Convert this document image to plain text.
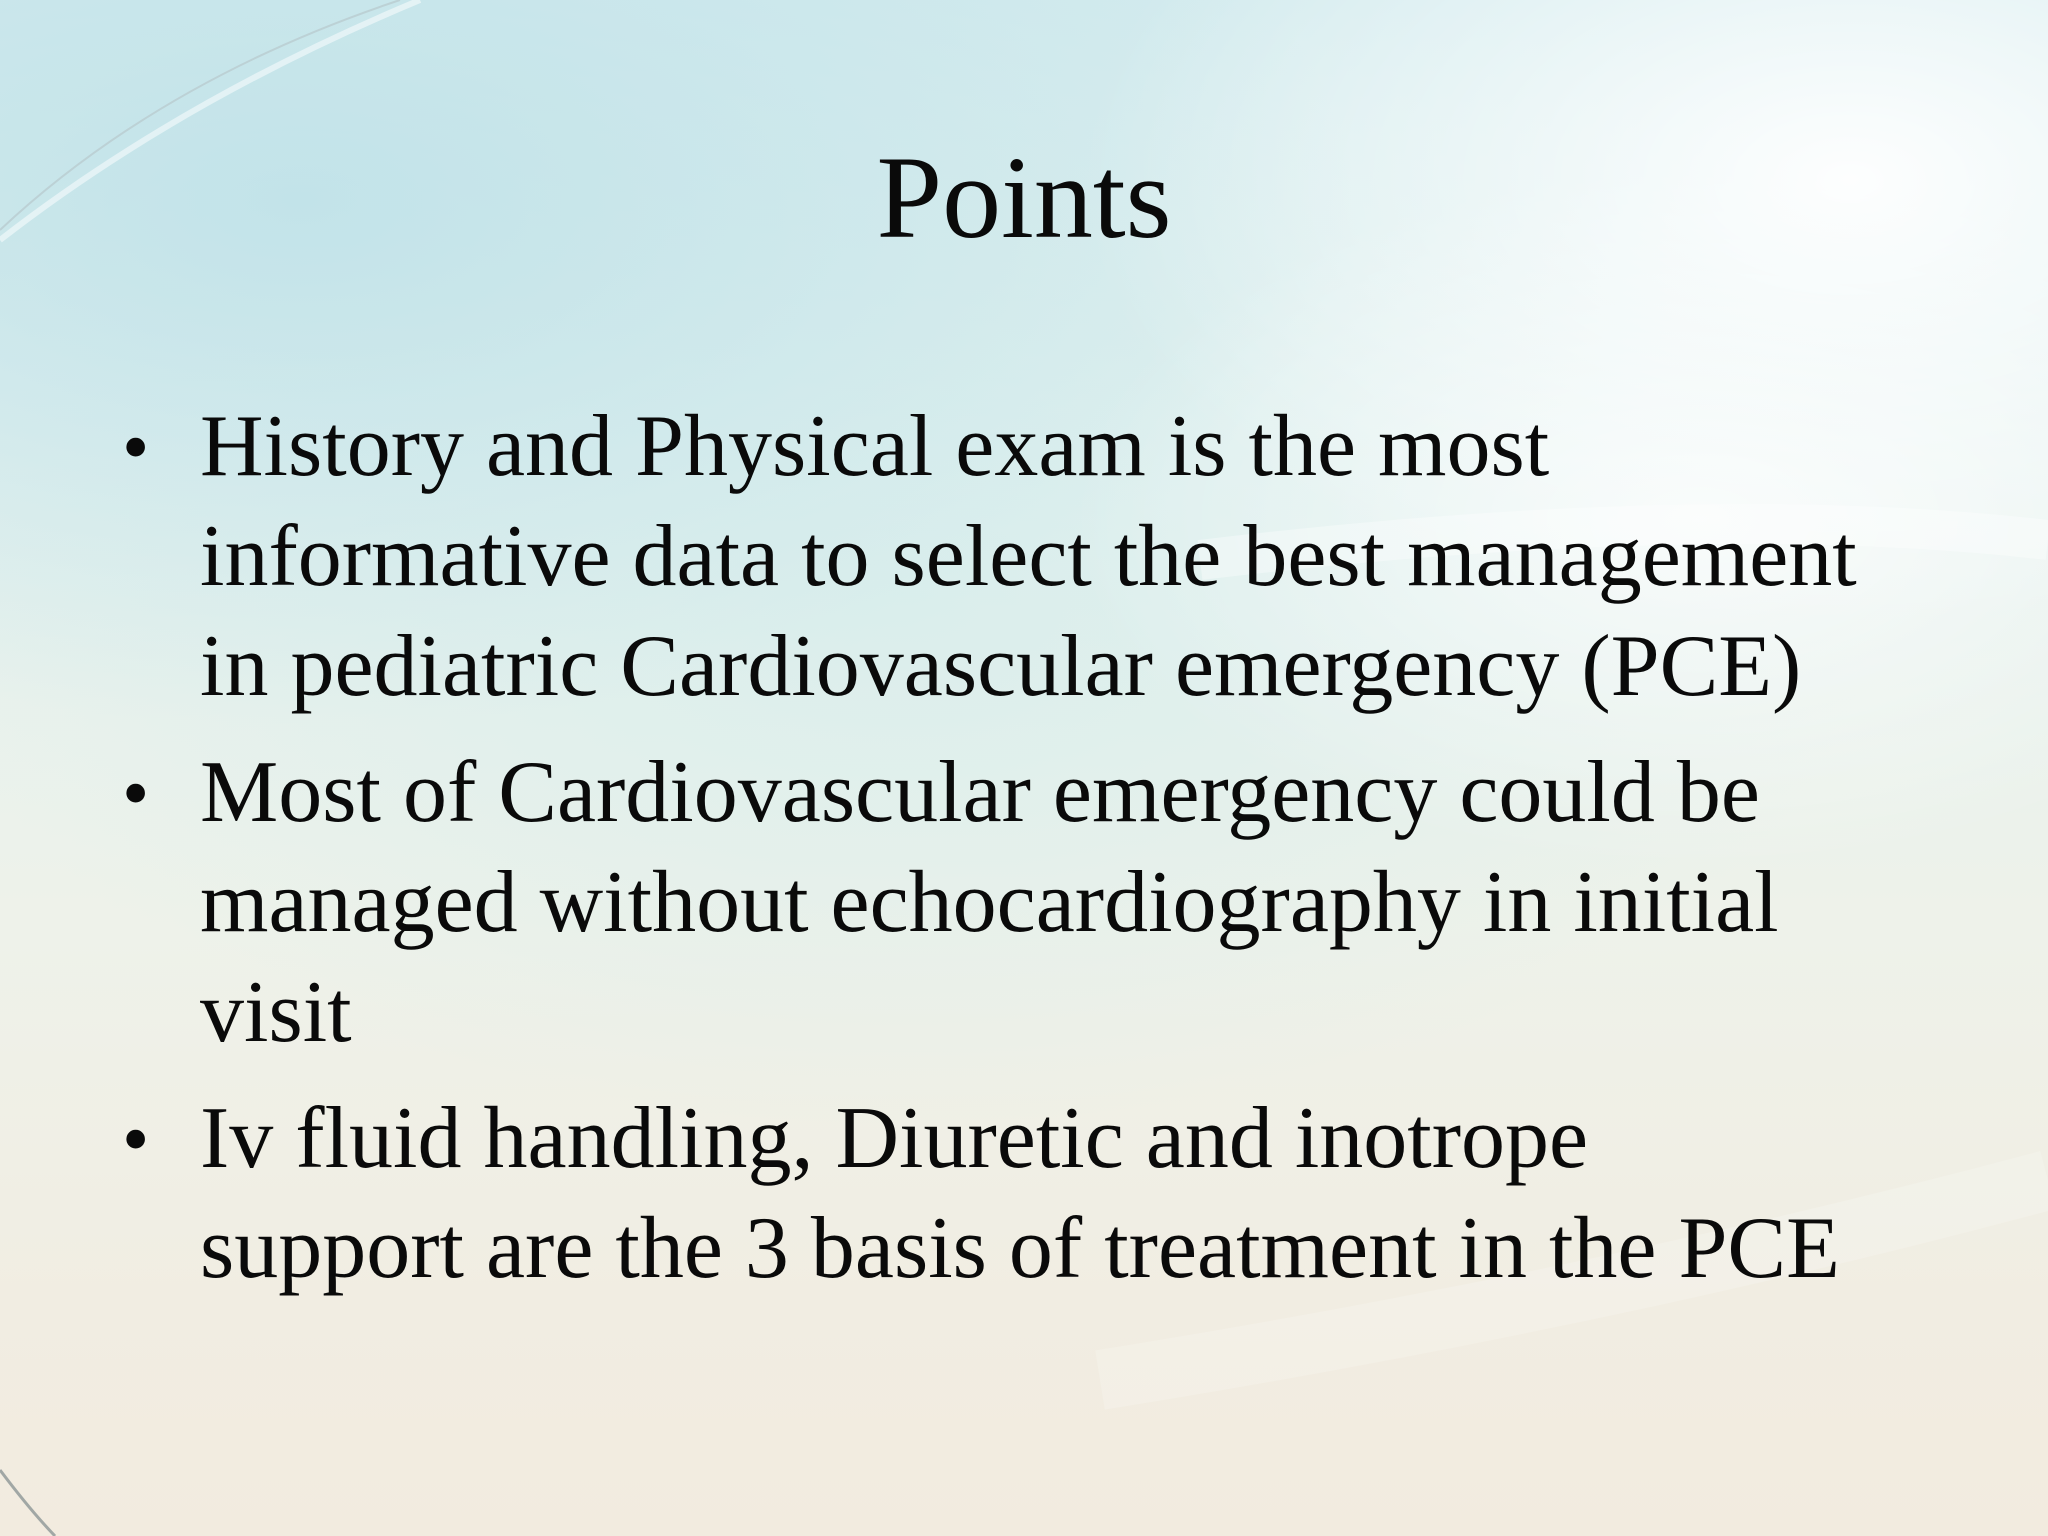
Points
• History and Physical exam is the most
informative data to select the best management
in pediatric Cardiovascular emergency (PCE)
• Most of Cardiovascular emergency could be
managed without echocardiography in initial
visit
• Iv fluid handling, Diuretic and inotrope
support are the 3 basis of treatment in the PCE
